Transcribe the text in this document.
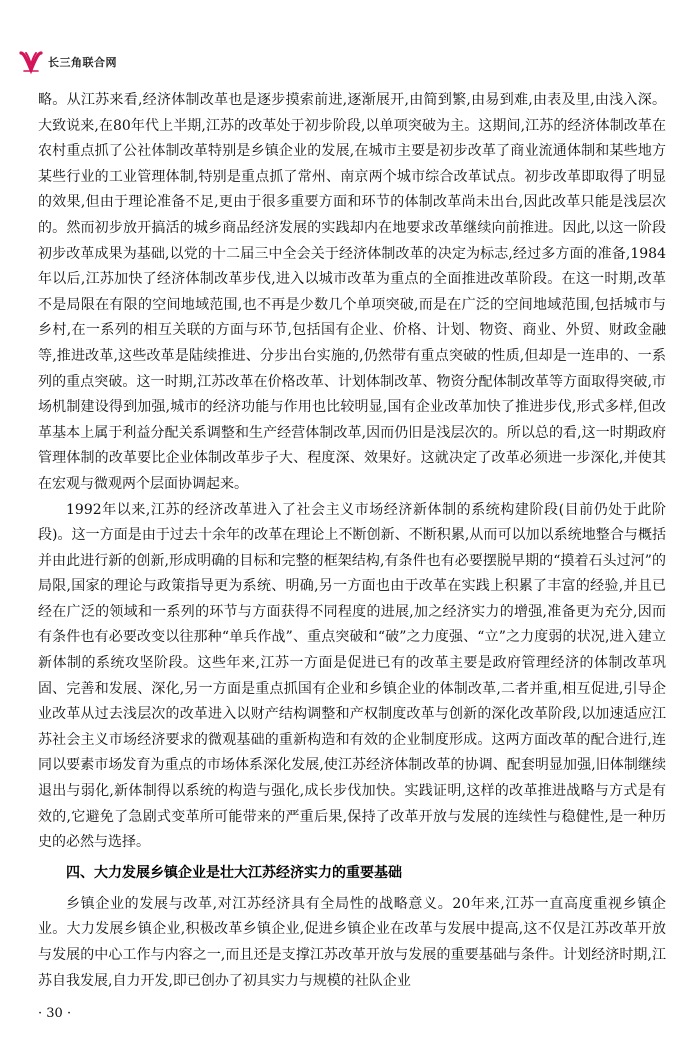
长三角联合网

略。从江苏来看,经济体制改革也是逐步摸索前进,逐渐展开,由简到繁,由易到难,由表及里,由浅入深。大致说来,在80年代上半期,江苏的改革处于初步阶段,以单项突破为主。这期间,江苏的经济体制改革在农村重点抓了公社体制改革特别是乡镇企业的发展,在城市主要是初步改革了商业流通体制和某些地方某些行业的工业管理体制,特别是重点抓了常州、南京两个城市综合改革试点。初步改革即取得了明显的效果,但由于理论准备不足,更由于很多重要方面和环节的体制改革尚未出台,因此改革只能是浅层次的。然而初步放开搞活的城乡商品经济发展的实践却内在地要求改革继续向前推进。因此,以这一阶段初步改革成果为基础,以党的十二届三中全会关于经济体制改革的决定为标志,经过多方面的准备,1984年以后,江苏加快了经济体制改革步伐,进入以城市改革为重点的全面推进改革阶段。在这一时期,改革不是局限在有限的空间地域范围,也不再是少数几个单项突破,而是在广泛的空间地域范围,包括城市与乡村,在一系列的相互关联的方面与环节,包括国有企业、价格、计划、物资、商业、外贸、财政金融等,推进改革,这些改革是陆续推进、分步出台实施的,仍然带有重点突破的性质,但却是一连串的、一系列的重点突破。这一时期,江苏改革在价格改革、计划体制改革、物资分配体制改革等方面取得突破,市场机制建设得到加强,城市的经济功能与作用也比较明显,国有企业改革加快了推进步伐,形式多样,但改革基本上属于利益分配关系调整和生产经营体制改革,因而仍旧是浅层次的。所以总的看,这一时期政府管理体制的改革要比企业体制改革步子大、程度深、效果好。这就决定了改革必须进一步深化,并使其在宏观与微观两个层面协调起来。

1992年以来,江苏的经济改革进入了社会主义市场经济新体制的系统构建阶段(目前仍处于此阶段)。这一方面是由于过去十余年的改革在理论上不断创新、不断积累,从而可以加以系统地整合与概括并由此进行新的创新,形成明确的目标和完整的框架结构,有条件也有必要摆脱早期的“摸着石头过河”的局限,国家的理论与政策指导更为系统、明确,另一方面也由于改革在实践上积累了丰富的经验,并且已经在广泛的领域和一系列的环节与方面获得不同程度的进展,加之经济实力的增强,准备更为充分,因而有条件也有必要改变以往那种“单兵作战”、重点突破和“破”之力度强、“立”之力度弱的状况,进入建立新体制的系统攻坚阶段。这些年来,江苏一方面是促进已有的改革主要是政府管理经济的体制改革巩固、完善和发展、深化,另一方面是重点抓国有企业和乡镇企业的体制改革,二者并重,相互促进,引导企业改革从过去浅层次的改革进入以财产结构调整和产权制度改革与创新的深化改革阶段,以加速适应江苏社会主义市场经济要求的微观基础的重新构造和有效的企业制度形成。这两方面改革的配合进行,连同以要素市场发育为重点的市场体系深化发展,使江苏经济体制改革的协调、配套明显加强,旧体制继续退出与弱化,新体制得以系统的构造与强化,成长步伐加快。实践证明,这样的改革推进战略与方式是有效的,它避免了急剧式变革所可能带来的严重后果,保持了改革开放与发展的连续性与稳健性,是一种历史的必然与选择。

四、大力发展乡镇企业是壮大江苏经济实力的重要基础

乡镇企业的发展与改革,对江苏经济具有全局性的战略意义。20年来,江苏一直高度重视乡镇企业。大力发展乡镇企业,积极改革乡镇企业,促进乡镇企业在改革与发展中提高,这不仅是江苏改革开放与发展的中心工作与内容之一,而且还是支撑江苏改革开放与发展的重要基础与条件。计划经济时期,江苏自我发展,自力开发,即已创办了初具实力与规模的社队企业

· 30 ·
